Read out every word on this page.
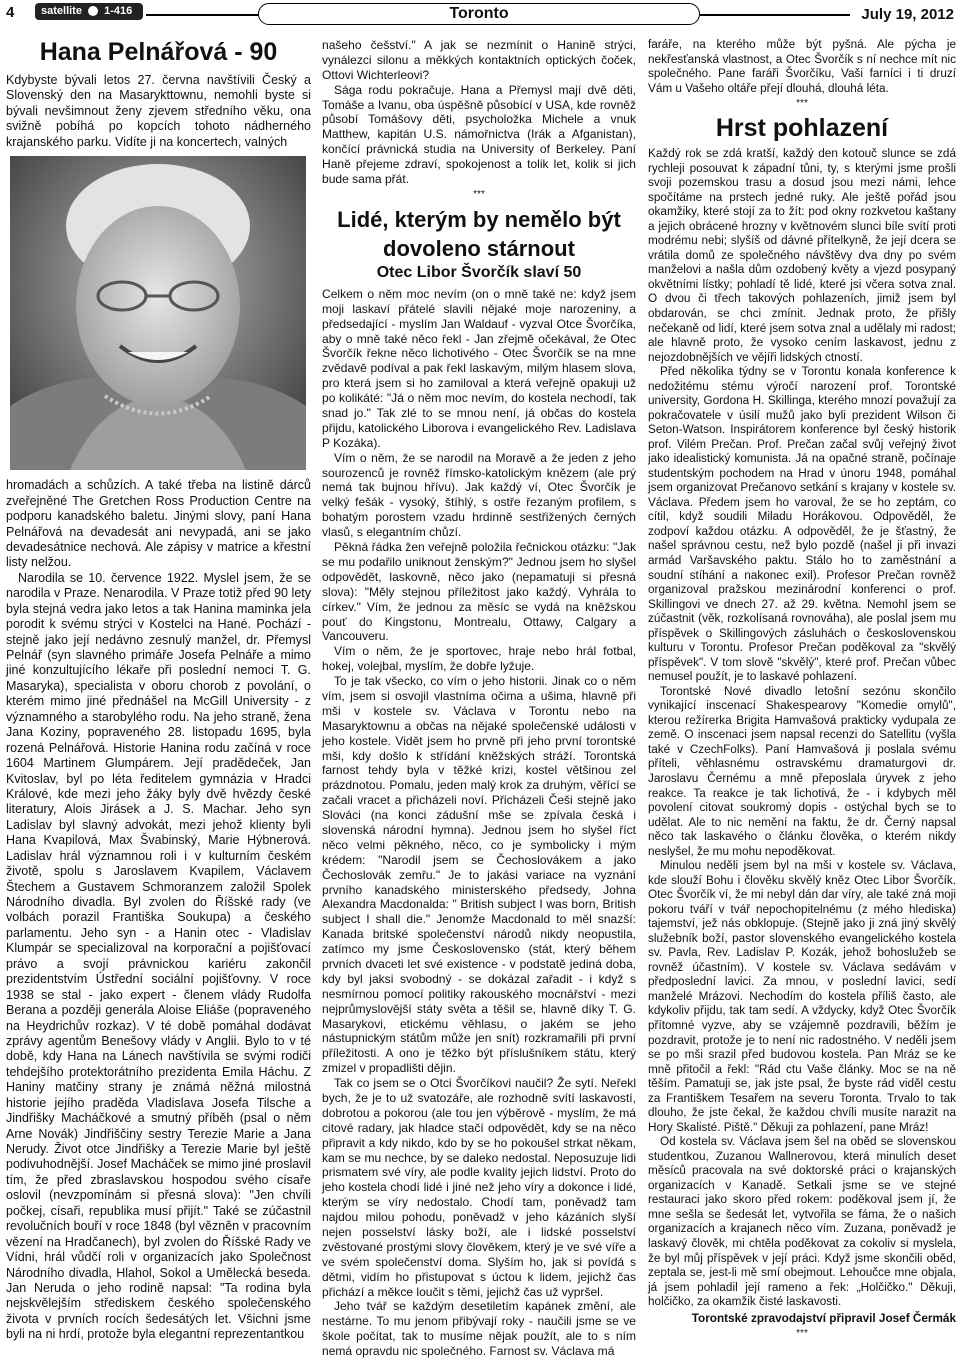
4	satellite 1-416	Toronto	July 19, 2012
Hana Pelnářová - 90

Kdybyste bývali letos 27. června navštívili Český a Slovenský den na Masarykttownu, nemohli byste si bývali nevšimnout ženy zjevem středního věku, ona svižně pobíhá po kopcích tohoto nádherného krajanského parku. Vidíte ji na koncertech, valných

hromadách a schůzích. A také třeba na listině dárců zveřejněné The Gretchen Ross Production Centre na podporu kanadského baletu. Jinými slovy, paní Hana Pelnářová na devadesát ani nevypadá, ani se jako devadesátnice nechová. Ale zápisy v matrice a křestní listy nelžou.

Narodila se 10. července 1922. Myslel jsem, že se narodila v Praze. Nenarodila. V Praze totiž před 90 lety byla stejná vedra jako letos a tak Hanina maminka jela porodit k svému strýci v Kostelci na Hané. Pochází - stejně jako její nedávno zesnulý manžel, dr. Přemysl Pelnář (syn slavného primáře Josefa Pelnáře a mimo jiné konzultujícího lékaře při poslední nemoci T. G. Masaryka), specialista v oboru chorob z povolání, o kterém mimo jiné přednášel na McGill University - z významného a starobylého rodu. Na jeho straně, žena Jana Koziny, popraveného 28. listopadu 1695, byla rozená Pelnářová. Historie Hanina rodu začíná v roce 1604 Martinem Glumpárem. Její pradědeček, Jan Kvitoslav, byl po léta ředitelem gymnázia v Hradci Králové, kde mezi jeho žáky byly dvě hvězdy české literatury, Alois Jirásek a J. S. Machar. Jeho syn Ladislav byl slavný advokát, mezi jehož klienty byli Hana Kvapilová, Max Švabinský, Marie Hýbnerová. Ladislav hrál významnou roli i v kulturním českém životě, spolu s Jaroslavem Kvapilem, Václavem Štechem a Gustavem Schmoranzem založil Spolek Národního divadla. Byl zvolen do Říšské rady (ve volbách porazil Františka Soukupa) a českého parlamentu. Jeho syn - a Hanin otec - Vladislav Klumpár se specializoval na korporační a pojišťovací právo a svojí právnickou kariéru zakončil prezidentstvím Ústřední sociální pojišťovny. V roce 1938 se stal - jako expert - členem vlády Rudolfa Berana a později generála Aloise Eliáše (popraveného na Heydrichův rozkaz). V té době pomáhal dodávat zprávy agentům Benešovy vlády v Anglii. Bylo to v té době, kdy Hana na Lánech navštívila se svými rodiči tehdejšího protektorátního prezidenta Emila Háchu. Z Haniny matčiny strany je známá něžná milostná historie jejího praděda Vladislava Josefa Tilsche a Jindřišky Macháčkové a smutný příběh (psal o něm Arne Novák) Jindřiščiny sestry Terezie Marie a Jana Nerudy. Život otce Jindřišky a Terezie Marie byl ještě podivuhodnější. Josef Macháček se mimo jiné proslavil tím, že před zbraslavskou hospodou svého císaře oslovil (nevzpomínám si přesná slova): "Jen chvíli počkej, císaři, republika musí přijít." Také se zúčastnil revolučních bouří v roce 1848 (byl vězněn v pracovním vězení na Hradčanech), byl zvolen do Říšské Rady ve Vídni, hrál vůdčí roli v organizacích jako Společnost Národního divadla, Hlahol, Sokol a Umělecká beseda. Jan Neruda o jeho rodině napsal: "Ta rodina byla nejskvělejším střediskem českého společenského života v prvních rocích šedesátých let. Všichni jsme byli na ni hrdí, protože byla elegantní reprezentantkou

našeho češství." A jak se nezmínit o Hanině strýci, vynálezci silonu a měkkých kontaktních optických čoček, Ottovi Wichterleovi?

Sága rodu pokračuje. Hana a Přemysl mají dvě děti, Tomáše a Ivanu, oba úspěšně působící v USA, kde rovněž působí Tomášovy děti, psycholožka Michele a vnuk Matthew, kapitán U.S. námořnictva (Irák a Afganistan), končící právnická studia na University of Berkeley. Paní Haně přejeme zdraví, spokojenost a tolik let, kolik si jich bude sama přát.

***
Lidé, kterým by nemělo být dovoleno stárnout
Otec Libor Švorčík slaví 50

Celkem o něm moc nevím (on o mně také ne: když jsem moji laskaví přátelé slavili nějaké moje narozeniny, a předsedající - myslím Jan Waldauf - vyzval Otce Švorčíka, aby o mně také něco řekl - Jan zřejmě očekával, že Otec Švorčík řekne něco lichotivého - Otec Švorčík se na mne zvědavě podíval a pak řekl laskavým, milým hlasem slova, pro která jsem si ho zamiloval a která veřejně opakuji už po kolikáté: "Já o něm moc nevím, do kostela nechodí, tak snad jo." Tak zlé to se mnou není, já občas do kostela přijdu, katolického Liborova i evangelického Rev. Ladislava P Kozáka).

Vím o něm, že se narodil na Moravě a že jeden z jeho sourozenců je rovněž římsko-katolickým knězem (ale prý nemá tak bujnou hřívu). Jak každý ví, Otec Švorčík je velký fešák - vysoký, štíhlý, s ostře řezaným profilem, s bohatým porostem vzadu hrdinně sestřižených černých vlasů, s elegantním chůzí.

Pěkná řádka žen veřejně položila řečnickou otázku: "Jak se mu podařilo uniknout ženským?" Jednou jsem ho slyšel odpovědět, laskovně, něco jako (nepamatuji si přesná slova): "Měly stejnou příležitost jako každý. Vyhrála to církev." Vím, že jednou za měsíc se vydá na kněžskou pouť do Kingstonu, Montrealu, Ottawy, Calgary a Vancouveru.

Vím o něm, že je sportovec, hraje nebo hrál fotbal, hokej, volejbal, myslím, že dobře lyžuje.

To je tak všecko, co vím o jeho historii. Jinak co o něm vím, jsem si osvojil vlastníma očima a ušima, hlavně při mši v kostele sv. Václava v Torontu nebo na Masaryktownu a občas na nějaké společenské události v jeho kostele. Vidět jsem ho prvně při jeho první torontské mši, kdy došlo k střídání kněžských stráží. Torontská farnost tehdy byla v těžké krizi, kostel většinou zel prázdnotou. Pomalu, jeden malý krok za druhým, věřící se začali vracet a přicházeli noví. Přicházeli Češi stejně jako Slováci (na konci zádušní mše se zpívala česká i slovenská národní hymna). Jednou jsem ho slyšel říct něco velmi pěkného, něco, co je symbolicky i mým krédem: "Narodil jsem se Čechoslovákem a jako Čechoslovák zemřu." Je to jakási variace na vyznání prvního kanadského ministerského předsedy, Johna Alexandra Macdonalda: " British subject I was born, British subject I shall die." Jenomže Macdonald to měl snazší: Kanada britské společenství národů nikdy neopustila, zatímco my jsme Československo (stát, který během prvních dvaceti let své existence - v podstatě jediná doba, kdy byl jaksi svobodný - se dokázal zařadit - i když s nesmírnou pomocí politiky rakouského mocnářství - mezi nejprůmyslovější státy světa a těšil se, hlavně díky T. G. Masarykovi, etickému věhlasu, o jakém se jeho nástupnickým státům může jen snít) rozkramařili při první příležitosti. A ono je těžko být příslušníkem státu, který zmizel v propadlišti dějin.

Tak co jsem se o Otci Švorčíkovi naučil? Že sytí. Neřekl bych, že je to už svatozáře, ale rozhodně svítí laskavostí, dobrotou a pokorou (ale tou jen výběrově - myslím, že má citové radary, jak hladce stačí odpovědět, kdy se na něco připravit a kdy nikdo, kdo by se ho pokoušel strkat někam, kam se mu nechce, by se daleko nedostal. Neposuzuje lidi prismatem své víry, ale podle kvality jejich lidství. Proto do jeho kostela chodí lidé i jiné než jeho víry a dokonce i lidé, kterým se víry nedostalo. Chodí tam, poněvadž tam najdou milou pohodu, poněvadž v jeho kázáních slyší nejen posselství lásky boží, ale i lidské posselství zvěstované prostými slovy člověkem, který je ve své víře a ve svém společenství doma. Slyším ho, jak si povídá s dětmi, vidím ho přistupovat s úctou k lidem, jejichž čas přichází a měkce loučit s těmi, jejichž čas už vypršel.

Jeho tvář se každým desetiletím kapánek změní, ale nestárne. To mu jenom přibývají roky - naučili jsme se ve škole počítat, tak to musíme nějak použít, ale to s ním nemá opravdu nic společného. Farnost sv. Václava má

faráře, na kterého může být pyšná. Ale pýcha je nekřesťanská vlastnost, a Otec Švorčík s ní nechce mít nic společného. Pane faráři Švorčíku, Vaši farníci i ti druzí Vám u Vašeho oltáře přejí dlouhá, dlouhá léta.

***
Hrst pohlazení

Každý rok se zdá kratší, každý den kotouč slunce se zdá rychleji posouvat k západní tůni, ty, s kterými jsme prošli svoji pozemskou trasu a dosud jsou mezi námi, lehce spočítáme na prstech jedné ruky. Ale ještě pořád jsou okamžiky, které stojí za to žít: pod okny rozkvetou kaštany a jejich obrácené hrozny v květnovém slunci bíle svítí proti modrému nebi; slyšíš od dávné přítelkyně, že její dcera se vrátila domů ze společného návštěvy dva dny po svém manželovi a našla dům ozdobený květy a vjezd posypaný okvětními lístky; pohladí tě lidé, které jsi včera sotva znal. O dvou či třech takových pohlazeních, jimiž jsem byl obdarován, se chci zmínit. Jednak proto, že přišly nečekaně od lidí, které jsem sotva znal a udělaly mi radost; ale hlavně proto, že vysoko cením laskavost, jednu z nejozdobnějších ve vějíři lidských ctností.

Před několika týdny se v Torontu konala konference k nedožitému stému výročí narození prof. Torontské university, Gordona H. Skillinga, kterého mnozí považují za pokračovatele v úsilí mužů jako byli prezident Wilson či Seton-Watson. Inspirátorem konference byl český historik prof. Vilém Prečan. Prof. Prečan začal svůj veřejný život jako idealistický komunista. Já na opačné straně, počínaje studentským pochodem na Hrad v únoru 1948, pomáhal jsem organizovat Prečanovo setkání s krajany v kostele sv. Václava. Předem jsem ho varoval, že se ho zeptám, co cítil, když soudili Miladu Horákovou. Odpověděl, že zodpoví každou otázku. A odpověděl, že je šťastný, že našel správnou cestu, než bylo pozdě (našel ji při invazi armád Varšavského paktu. Stálo ho to zaměstnání a soudní stíhání a nakonec exil). Profesor Prečan rovněž organizoval pražskou mezinárodní konferenci o prof. Skillingovi ve dnech 27. až 29. května. Nemohl jsem se zúčastnit (věk, rozkolísaná rovnováha), ale poslal jsem mu příspěvek o Skillingových zásluhách o československou kulturu v Torontu. Profesor Prečan poděkoval za "skvělý příspěvek". V tom slově "skvělý", které prof. Prečan vůbec nemusel použít, je to laskavé pohlazení.

Torontské Nové divadlo letošní sezónu skončilo vynikající inscenací Shakespearovy "Komedie omylů", kterou režírerka Brigita Hamvašová prakticky vydupala ze země. O inscenaci jsem napsal recenzi do Satellitu (vyšla také v CzechFolks). Paní Hamvašová ji poslala svému příteli, věhlasnému ostravskému dramaturgovi dr. Jaroslavu Černému a mně přeposlala úryvek z jeho reakce. Ta reakce je tak lichotivá, že - i kdybych měl povolení citovat soukromý dopis - ostýchal bych se to udělat. Ale to nic nemění na faktu, že dr. Černý napsal něco tak laskavého o článku člověka, o kterém nikdy neslyšel, že mu mohu nepoděkovat.

Minulou neděli jsem byl na mši v kostele sv. Václava, kde slouží Bohu i člověku skvělý kněz Otec Libor Švorčík. Otec Švorčík ví, že mi nebyl dán dar víry, ale také zná moji pokoru tváří v tvář nepochopitelnému (z mého hlediska) tajemství, jež nás obklopuje. (Stejně jako ji zná jiný skvělý služebník boží, pastor slovenského evangelického kostela sv. Pavla, Rev. Ladislav P. Kozák, jehož bohoslužeb se rovněž účastním). V kostele sv. Václava sedávám v předposlední lavici. Za mnou, v poslední lavici, sedí manželé Mrázovi. Nechodím do kostela příliš často, ale kdykoliv přijdu, tak tam sedí. A vždycky, když Otec Švorčík přítomné vyzve, aby se vzájemně pozdravili, běžím je pozdravit, protože je to není nic radostného. V neděli jsem se po mši srazil před budovou kostela. Pan Mráz se ke mně přitočil a řekl: "Rád ctu Vaše články. Moc se na ně těším. Pamatuji se, jak jste psal, že byste rád viděl cestu za Františkem Tesařem na severu Toronta. Trvalo to tak dlouho, že jste čekal, že každou chvíli musíte narazit na Hory Skalisté. Piště." Děkuji za pohlazení, pane Mráz!

Od kostela sv. Václava jsem šel na oběd se slovenskou studentkou, Zuzanou Wallnerovou, která minulích deset měsíců pracovala na své doktorské práci o krajanských organizacích v Kanadě. Setkali jsme se ve stejné restauraci jako skoro před rokem: poděkoval jsem jí, že mne sešla se šedesát let, vytvořila se fáma, že o našich organizacích a krajanech něco vím. Zuzana, poněvadž je laskavý člověk, mi chtěla poděkovat za cokoliv si myslela, že byl můj příspěvek v její práci. Když jsme skončili oběd, zeptala se, jest-li mě smí obejmout. Lehoučce mne objala, já jsem pohladil její rameno a řek: „Holčičko." Děkuji, holčičko, za okamžik čisté laskavosti.

Torontské zpravodajství připravil Josef Čermák
***
